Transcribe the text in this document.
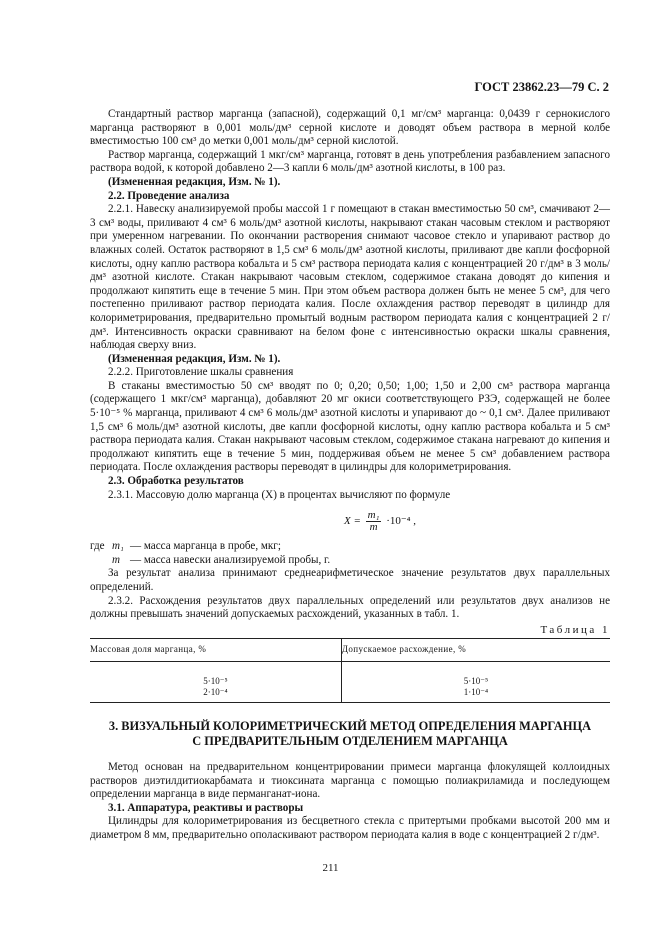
ГОСТ 23862.23—79 С. 2

Стандартный раствор марганца (запасной), содержащий 0,1 мг/см³ марганца: 0,0439 г сернокислого марганца растворяют в 0,001 моль/дм³ серной кислоте и доводят объем раствора в мерной колбе вместимостью 100 см³ до метки 0,001 моль/дм³ серной кислотой.

Раствор марганца, содержащий 1 мкг/см³ марганца, готовят в день употребления разбавлением запасного раствора водой, к которой добавлено 2—3 капли 6 моль/дм³ азотной кислоты, в 100 раз.

(Измененная редакция, Изм. № 1).

2.2. Проведение анализа

2.2.1. Навеску анализируемой пробы массой 1 г помещают в стакан вместимостью 50 см³, смачивают 2—3 см³ воды, приливают 4 см³ 6 моль/дм³ азотной кислоты, накрывают стакан часовым стеклом и растворяют при умеренном нагревании. По окончании растворения снимают часовое стекло и упаривают раствор до влажных солей. Остаток растворяют в 1,5 см³ 6 моль/дм³ азотной кислоты, приливают две капли фосфорной кислоты, одну каплю раствора кобальта и 5 см³ раствора периодата калия с концентрацией 20 г/дм³ в 3 моль/дм³ азотной кислоте. Стакан накрывают часовым стеклом, содержимое стакана доводят до кипения и продолжают кипятить еще в течение 5 мин. При этом объем раствора должен быть не менее 5 см³, для чего постепенно приливают раствор периодата калия. После охлаждения раствор переводят в цилиндр для колориметрирования, предварительно промытый водным раствором периодата калия с концентрацией 2 г/дм³. Интенсивность окраски сравнивают на белом фоне с интенсивностью окраски шкалы сравнения, наблюдая сверху вниз.

(Измененная редакция, Изм. № 1).

2.2.2. Приготовление шкалы сравнения

В стаканы вместимостью 50 см³ вводят по 0; 0,20; 0,50; 1,00; 1,50 и 2,00 см³ раствора марганца (содержащего 1 мкг/см³ марганца), добавляют 20 мг окиси соответствующего РЗЭ, содержащей не более 5·10⁻⁵ % марганца, приливают 4 см³ 6 моль/дм³ азотной кислоты и упаривают до ~ 0,1 см³. Далее приливают 1,5 см³ 6 моль/дм³ азотной кислоты, две капли фосфорной кислоты, одну каплю раствора кобальта и 5 см³ раствора периодата калия. Стакан накрывают часовым стеклом, содержимое стакана нагревают до кипения и продолжают кипятить еще в течение 5 мин, поддерживая объем не менее 5 см³ добавлением раствора периодата. После охлаждения растворы переводят в цилиндры для колориметрирования.

2.3. Обработка результатов

2.3.1. Массовую долю марганца (X) в процентах вычисляют по формуле

$X = \frac{\text{m₁}}{m} \cdot 10^{-4}$ ,
где m₁ — масса марганца в пробе, мкг;
m — масса навески анализируемой пробы, г.

За результат анализа принимают среднеарифметическое значение результатов двух параллельных определений.

2.3.2. Расхождения результатов двух параллельных определений или результатов двух анализов не должны превышать значений допускаемых расхождений, указанных в табл. 1.

Таблица 1
Массовая доля марганца, %	Допускаемое расхождение, %
5·10⁻⁵	5·10⁻⁵
2·10⁻⁴	1·10⁻⁴
3. ВИЗУАЛЬНЫЙ КОЛОРИМЕТРИЧЕСКИЙ МЕТОД ОПРЕДЕЛЕНИЯ МАРГАНЦА
С ПРЕДВАРИТЕЛЬНЫМ ОТДЕЛЕНИЕМ МАРГАНЦА

Метод основан на предварительном концентрировании примеси марганца флокулящей коллоидных растворов диэтилдитиокарбамата и тиоксината марганца с помощью полиакриламида и последующем определении марганца в виде перманганат-иона.

3.1. Аппаратура, реактивы и растворы

Цилиндры для колориметрирования из бесцветного стекла с притертыми пробками высотой 200 мм и диаметром 8 мм, предварительно ополаскивают раствором периодата калия в воде с концентрацией 2 г/дм³.

211
